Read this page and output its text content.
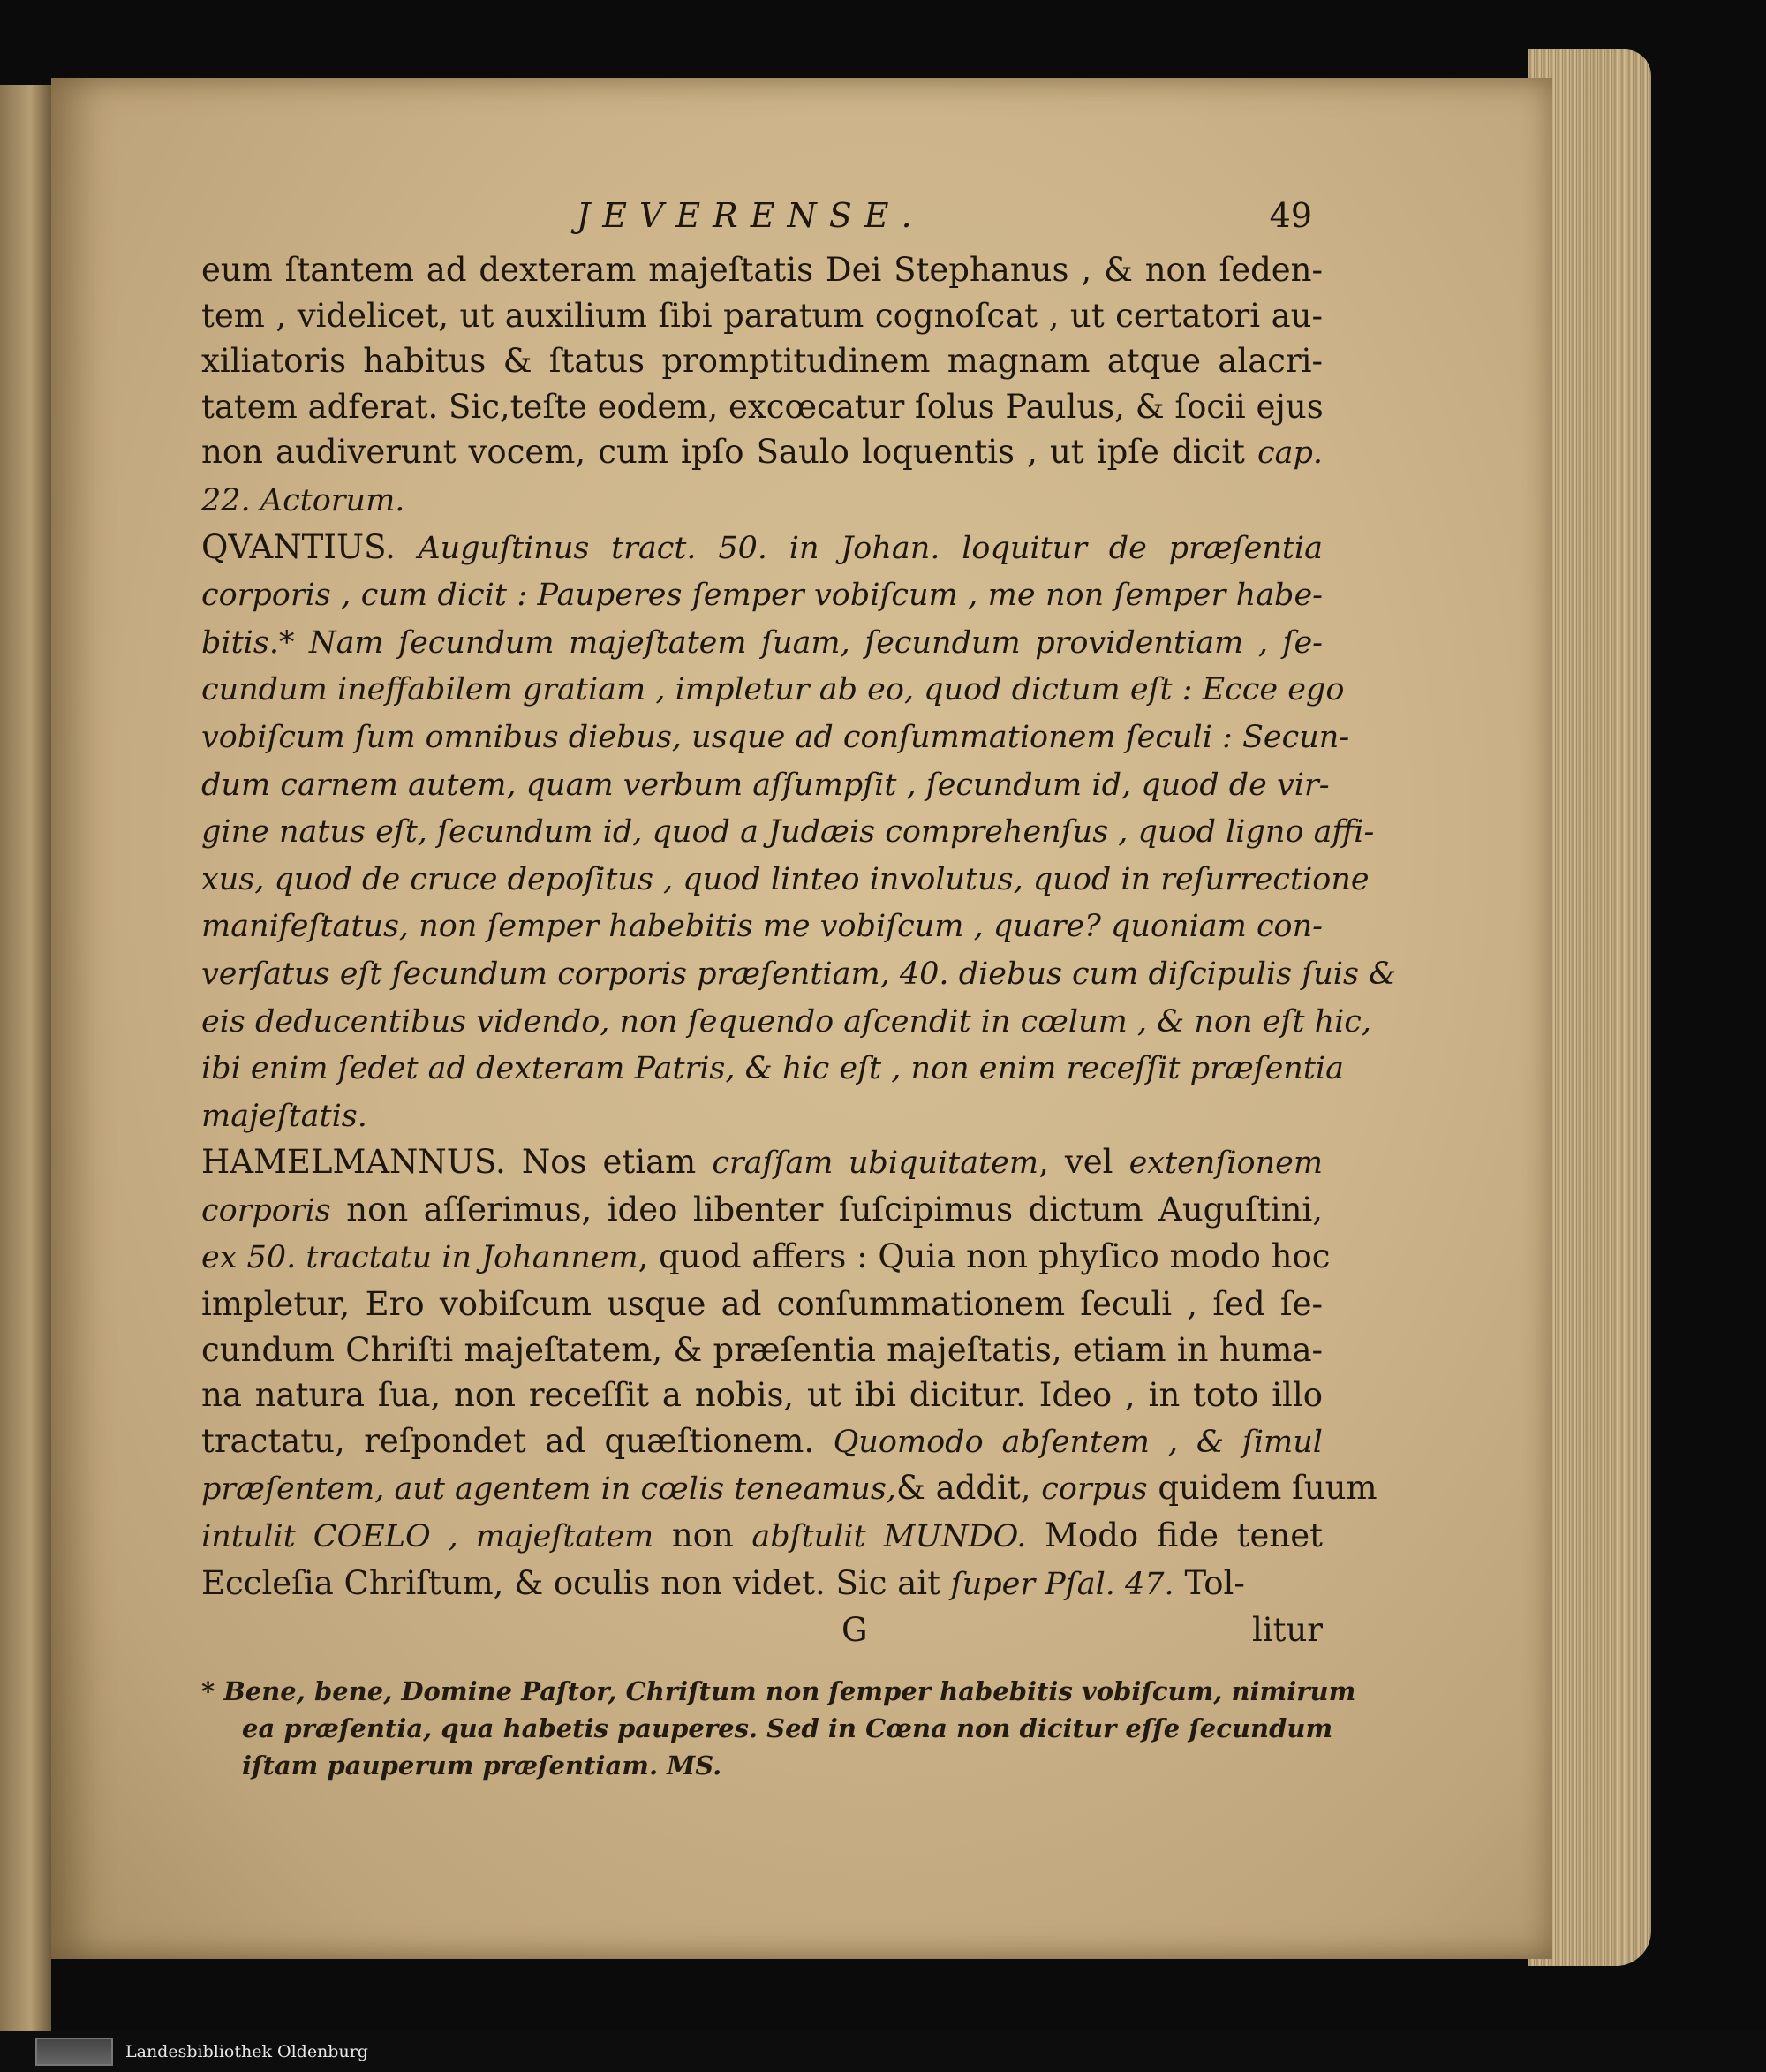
JEVERENSE.	49
eum ſtantem ad dexteram majeſtatis Dei Stephanus , & non ſeden-
tem , videlicet, ut auxilium ſibi paratum cognoſcat , ut certatori au-
xiliatoris habitus & ſtatus promptitudinem magnam atque alacri-
tatem adferat. Sic,teſte eodem, excœcatur ſolus Paulus, & ſocii ejus
non audiverunt vocem, cum ipſo Saulo loquentis , ut ipſe dicit cap.
22. Actorum.
QVANTIUS. Auguſtinus tract. 50. in Johan. loquitur de præſentia
corporis , cum dicit : Pauperes ſemper vobiſcum , me non ſemper habe-
bitis.* Nam ſecundum majeſtatem ſuam, ſecundum providentiam , ſe-
cundum ineffabilem gratiam , impletur ab eo, quod dictum eſt : Ecce ego
vobiſcum ſum omnibus diebus, usque ad conſummationem ſeculi : Secun-
dum carnem autem, quam verbum aſſumpſit , ſecundum id, quod de vir-
gine natus eſt, ſecundum id, quod a Judæis comprehenſus , quod ligno affi-
xus, quod de cruce depoſitus , quod linteo involutus, quod in reſurrectione
manifeſtatus, non ſemper habebitis me vobiſcum , quare? quoniam con-
verſatus eſt ſecundum corporis præſentiam, 40. diebus cum diſcipulis ſuis &
eis deducentibus videndo, non ſequendo aſcendit in cœlum , & non eſt hic,
ibi enim ſedet ad dexteram Patris, & hic eſt , non enim receſſit præſentia
majeſtatis.
HAMELMANNUS. Nos etiam craſſam ubiquitatem, vel extenſionem
corporis non aſſerimus, ideo libenter ſuſcipimus dictum Auguſtini,
ex 50. tractatu in Johannem, quod affers : Quia non phyſico modo hoc
impletur, Ero vobiſcum usque ad conſummationem ſeculi , ſed ſe-
cundum Chriſti majeſtatem, & præſentia majeſtatis, etiam in huma-
na natura ſua, non receſſit a nobis, ut ibi dicitur. Ideo , in toto illo
tractatu, reſpondet ad quæſtionem. Quomodo abſentem , & ſimul
præſentem, aut agentem in cœlis teneamus,& addit, corpus quidem ſuum
intulit COELO , majeſtatem non abſtulit MUNDO. Modo fide tenet
Eccleſia Chriſtum, & oculis non videt. Sic ait ſuper Pſal. 47. Tol-
G	litur
* Bene, bene, Domine Paſtor, Chriſtum non ſemper habebitis vobiſcum, nimirum
ea præſentia, qua habetis pauperes. Sed in Cœna non dicitur eſſe ſecundum
iſtam pauperum præſentiam. MS.
Landesbibliothek Oldenburg
